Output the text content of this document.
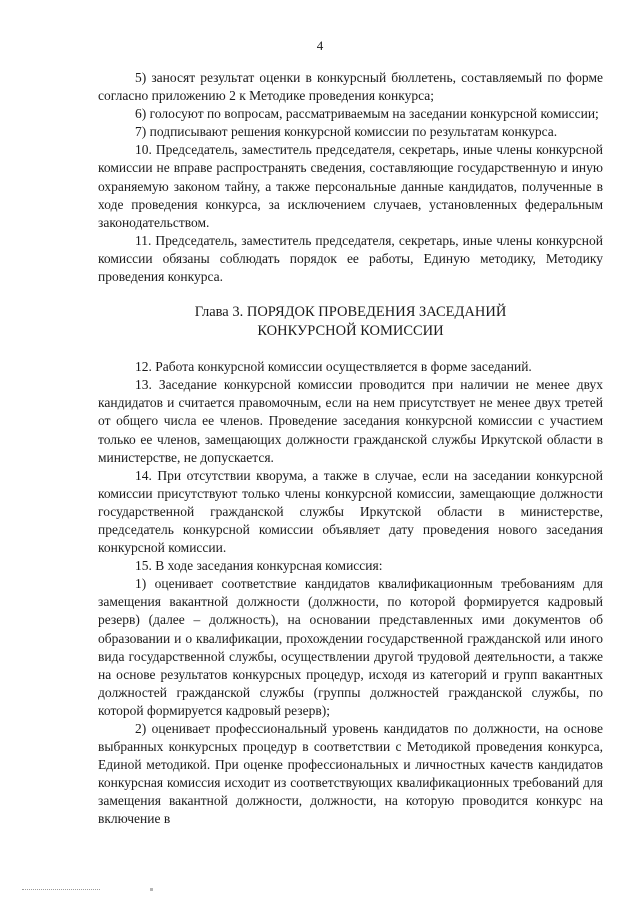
4

5) заносят результат оценки в конкурсный бюллетень, составляемый по форме согласно приложению 2 к Методике проведения конкурса;

6) голосуют по вопросам, рассматриваемым на заседании конкурсной комиссии;

7) подписывают решения конкурсной комиссии по результатам конкурса.

10. Председатель, заместитель председателя, секретарь, иные члены конкурсной комиссии не вправе распространять сведения, составляющие государственную и иную охраняемую законом тайну, а также персональные данные кандидатов, полученные в ходе проведения конкурса, за исключением случаев, установленных федеральным законодательством.

11. Председатель, заместитель председателя, секретарь, иные члены конкурсной комиссии обязаны соблюдать порядок ее работы, Единую методику, Методику проведения конкурса.

Глава 3. ПОРЯДОК ПРОВЕДЕНИЯ ЗАСЕДАНИЙ
КОНКУРСНОЙ КОМИССИИ

12. Работа конкурсной комиссии осуществляется в форме заседаний.

13. Заседание конкурсной комиссии проводится при наличии не менее двух кандидатов и считается правомочным, если на нем присутствует не менее двух третей от общего числа ее членов. Проведение заседания конкурсной комиссии с участием только ее членов, замещающих должности гражданской службы Иркутской области в министерстве, не допускается.

14. При отсутствии кворума, а также в случае, если на заседании конкурсной комиссии присутствуют только члены конкурсной комиссии, замещающие должности государственной гражданской службы Иркутской области в министерстве, председатель конкурсной комиссии объявляет дату проведения нового заседания конкурсной комиссии.

15. В ходе заседания конкурсная комиссия:

1) оценивает соответствие кандидатов квалификационным требованиям для замещения вакантной должности (должности, по которой формируется кадровый резерв) (далее – должность), на основании представленных ими документов об образовании и о квалификации, прохождении государственной гражданской или иного вида государственной службы, осуществлении другой трудовой деятельности, а также на основе результатов конкурсных процедур, исходя из категорий и групп вакантных должностей гражданской службы (группы должностей гражданской службы, по которой формируется кадровый резерв);

2) оценивает профессиональный уровень кандидатов по должности, на основе выбранных конкурсных процедур в соответствии с Методикой проведения конкурса, Единой методикой. При оценке профессиональных и личностных качеств кандидатов конкурсная комиссия исходит из соответствующих квалификационных требований для замещения вакантной должности, должности, на которую проводится конкурс на включение в
